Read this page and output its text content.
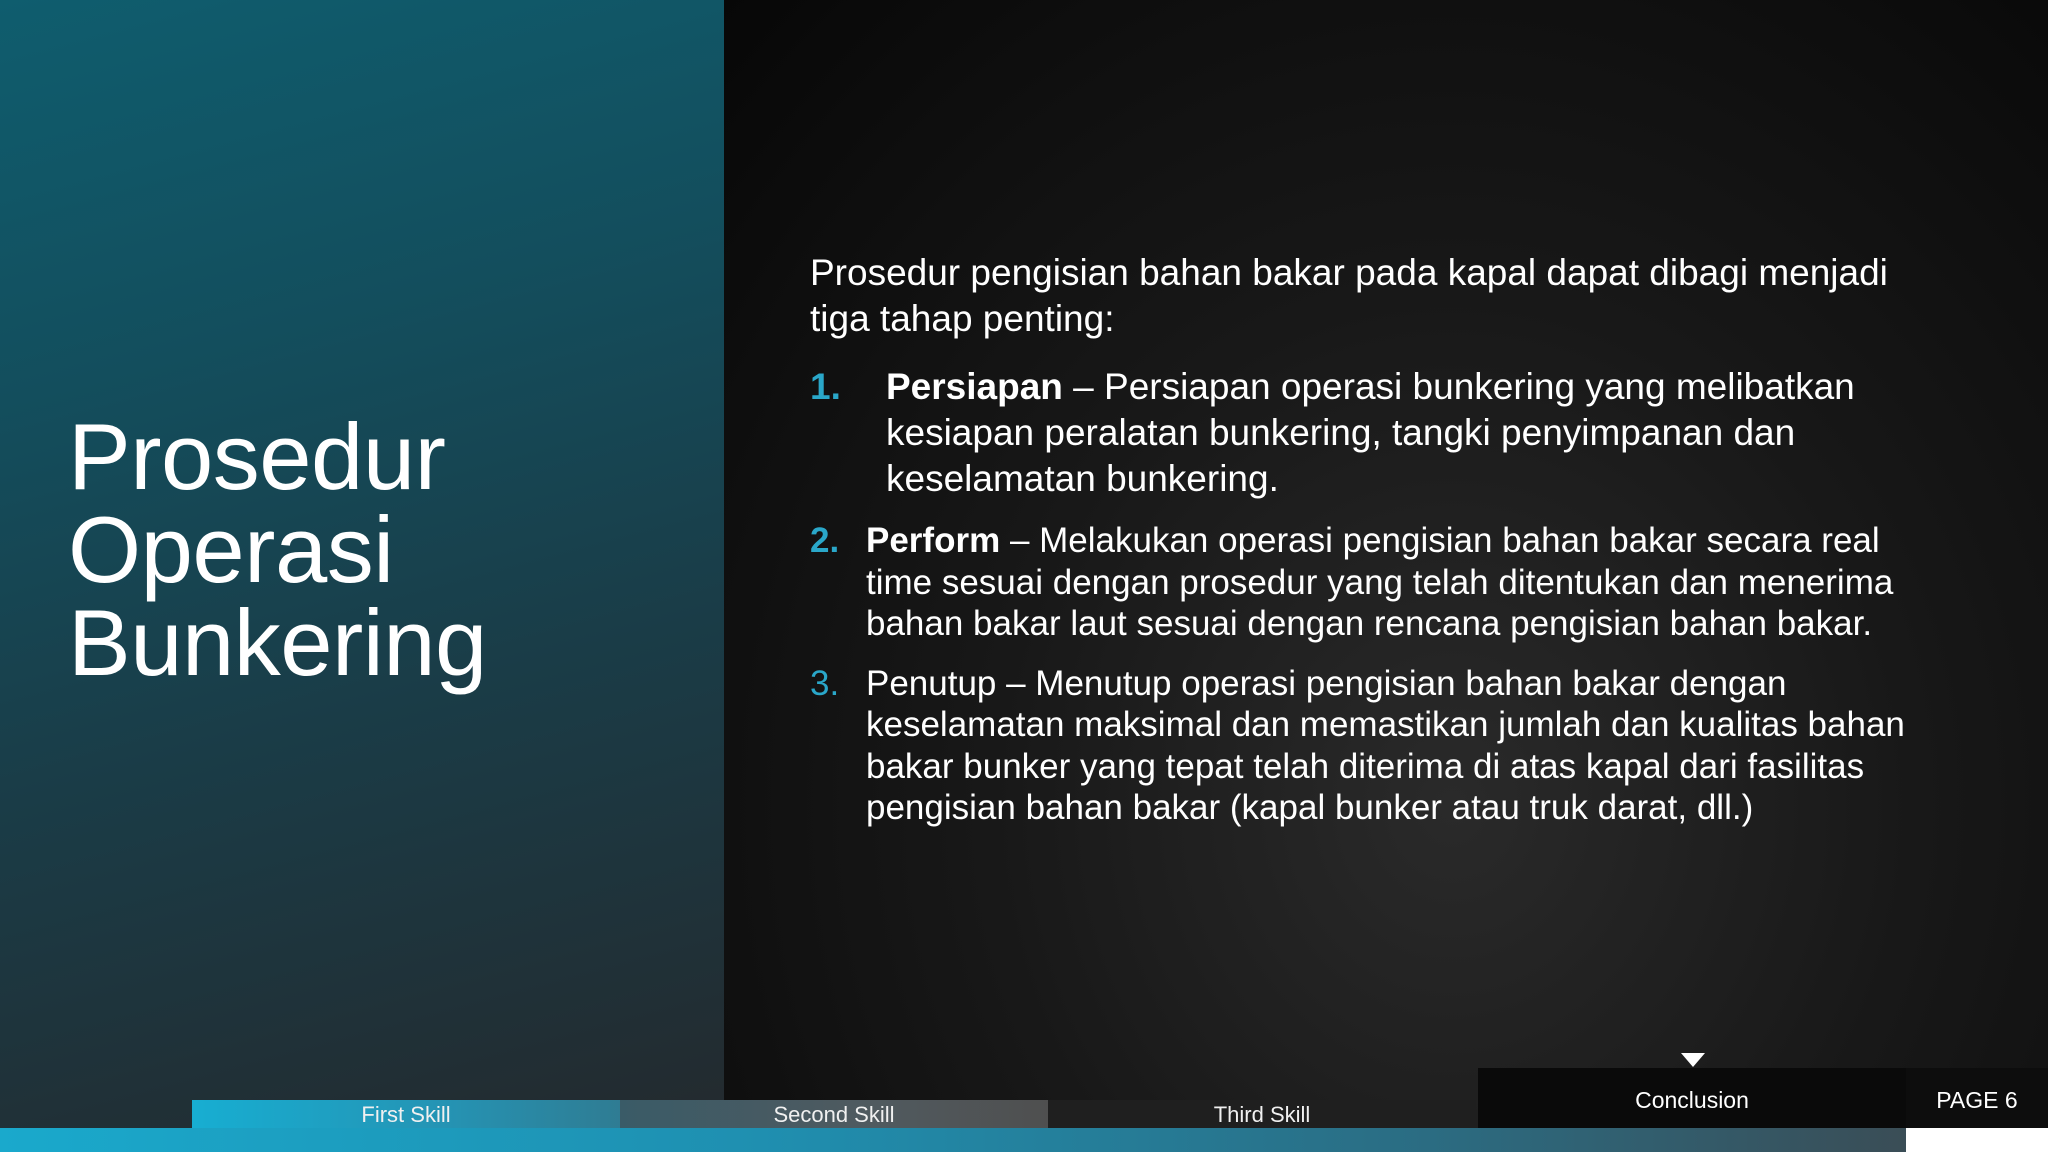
Prosedur
Operasi
Bunkering

Prosedur pengisian bahan bakar pada kapal dapat dibagi menjadi tiga tahap penting:

1. Persiapan – Persiapan operasi bunkering yang melibatkan kesiapan peralatan bunkering, tangki penyimpanan dan keselamatan bunkering.
2. Perform – Melakukan operasi pengisian bahan bakar secara real time sesuai dengan prosedur yang telah ditentukan dan menerima bahan bakar laut sesuai dengan rencana pengisian bahan bakar.
3. Penutup – Menutup operasi pengisian bahan bakar dengan keselamatan maksimal dan memastikan jumlah dan kualitas bahan bakar bunker yang tepat telah diterima di atas kapal dari fasilitas pengisian bahan bakar (kapal bunker atau truk darat, dll.)
First Skill	Second Skill	Third Skill
Conclusion	PAGE 6
